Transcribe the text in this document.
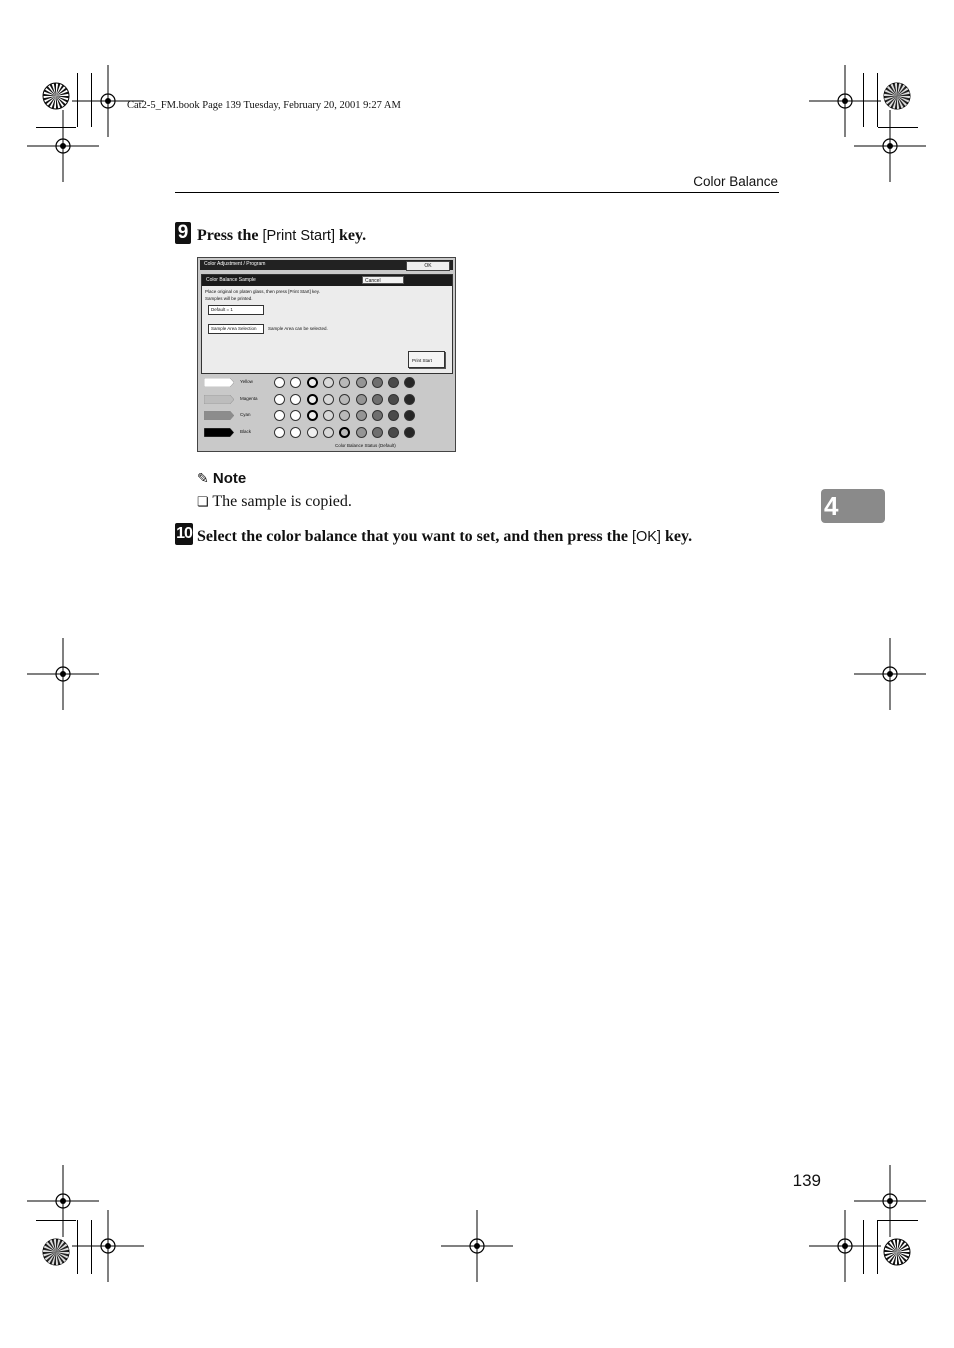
Cat2-5_FM.book Page 139 Tuesday, February 20, 2001 9:27 AM
Color Balance
9 Press the [Print Start] key.
Color Adjustment / Program	OK
Color Balance Sample	Cancel
Place original on platen glass, then press [Print Start] key.
Samples will be printed.
Default = 1
Sample Area Selection	Sample Area can be selected.
Print Start
Yellow
Magenta
Cyan
Black
Color Balance Status (Default)
✎ Note
❏ The sample is copied.
10 Select the color balance that you want to set, and then press the [OK] key.
4
139
